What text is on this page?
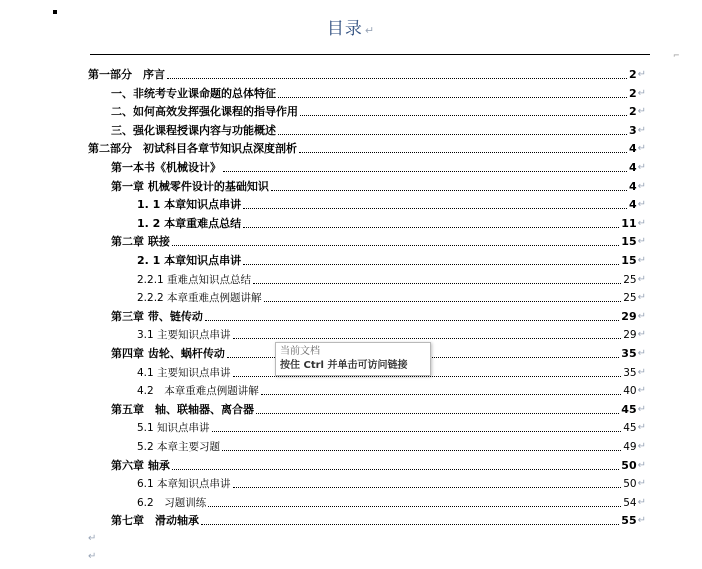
目录 ↵
⌐
第一部分　序言	2 ↵
一、非统考专业课命题的总体特征	2 ↵
二、如何高效发挥强化课程的指导作用	2 ↵
三、强化课程授课内容与功能概述	3 ↵
第二部分　初试科目各章节知识点深度剖析	4 ↵
第一本书《机械设计》	4 ↵
第一章 机械零件设计的基础知识	4 ↵
1. 1 本章知识点串讲	4 ↵
1. 2 本章重难点总结	11 ↵
第二章 联接	15 ↵
2. 1 本章知识点串讲	15 ↵
2.2.1 重难点知识点总结	25 ↵
2.2.2 本章重难点例题讲解	25 ↵
第三章 带、链传动	29 ↵
3.1 主要知识点串讲	29 ↵
第四章 齿轮、蜗杆传动	35 ↵
4.1 主要知识点串讲	35 ↵
4.2　本章重难点例题讲解	40 ↵
第五章　轴、联轴器、离合器	45 ↵
5.1 知识点串讲	45 ↵
5.2 本章主要习题	49 ↵
第六章 轴承	50 ↵
6.1 本章知识点串讲	50 ↵
6.2　习题训练	54 ↵
第七章　滑动轴承	55 ↵
↵
↵
当前文档
按住 Ctrl 并单击可访问链接
